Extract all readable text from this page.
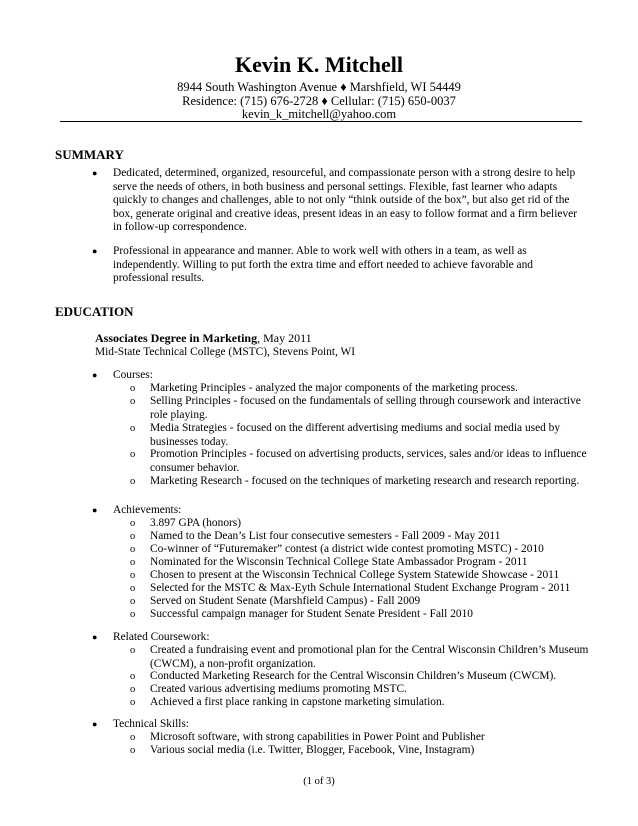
Kevin K. Mitchell
8944 South Washington Avenue ♦ Marshfield, WI 54449
Residence: (715) 676-2728 ♦ Cellular: (715) 650-0037
kevin_k_mitchell@yahoo.com
SUMMARY
● Dedicated, determined, organized, resourceful, and compassionate person with a strong desire to help serve the needs of others, in both business and personal settings. Flexible, fast learner who adapts quickly to changes and challenges, able to not only “think outside of the box”, but also get rid of the box, generate original and creative ideas, present ideas in an easy to follow format and a firm believer in follow-up correspondence.
● Professional in appearance and manner. Able to work well with others in a team, as well as independently. Willing to put forth the extra time and effort needed to achieve favorable and professional results.
EDUCATION
Associates Degree in Marketing, May 2011
Mid-State Technical College (MSTC), Stevens Point, WI
● Courses:
o Marketing Principles - analyzed the major components of the marketing process.
o Selling Principles - focused on the fundamentals of selling through coursework and interactive role playing.
o Media Strategies - focused on the different advertising mediums and social media used by businesses today.
o Promotion Principles - focused on advertising products, services, sales and/or ideas to influence consumer behavior.
o Marketing Research - focused on the techniques of marketing research and research reporting.
● Achievements:
o 3.897 GPA (honors)
o Named to the Dean’s List four consecutive semesters - Fall 2009 - May 2011
o Co-winner of “Futuremaker” contest (a district wide contest promoting MSTC) - 2010
o Nominated for the Wisconsin Technical College State Ambassador Program - 2011
o Chosen to present at the Wisconsin Technical College System Statewide Showcase - 2011
o Selected for the MSTC & Max-Eyth Schule International Student Exchange Program - 2011
o Served on Student Senate (Marshfield Campus) - Fall 2009
o Successful campaign manager for Student Senate President - Fall 2010
● Related Coursework:
o Created a fundraising event and promotional plan for the Central Wisconsin Children’s Museum (CWCM), a non-profit organization.
o Conducted Marketing Research for the Central Wisconsin Children’s Museum (CWCM).
o Created various advertising mediums promoting MSTC.
o Achieved a first place ranking in capstone marketing simulation.
● Technical Skills:
o Microsoft software, with strong capabilities in Power Point and Publisher
o Various social media (i.e. Twitter, Blogger, Facebook, Vine, Instagram)
(1 of 3)
